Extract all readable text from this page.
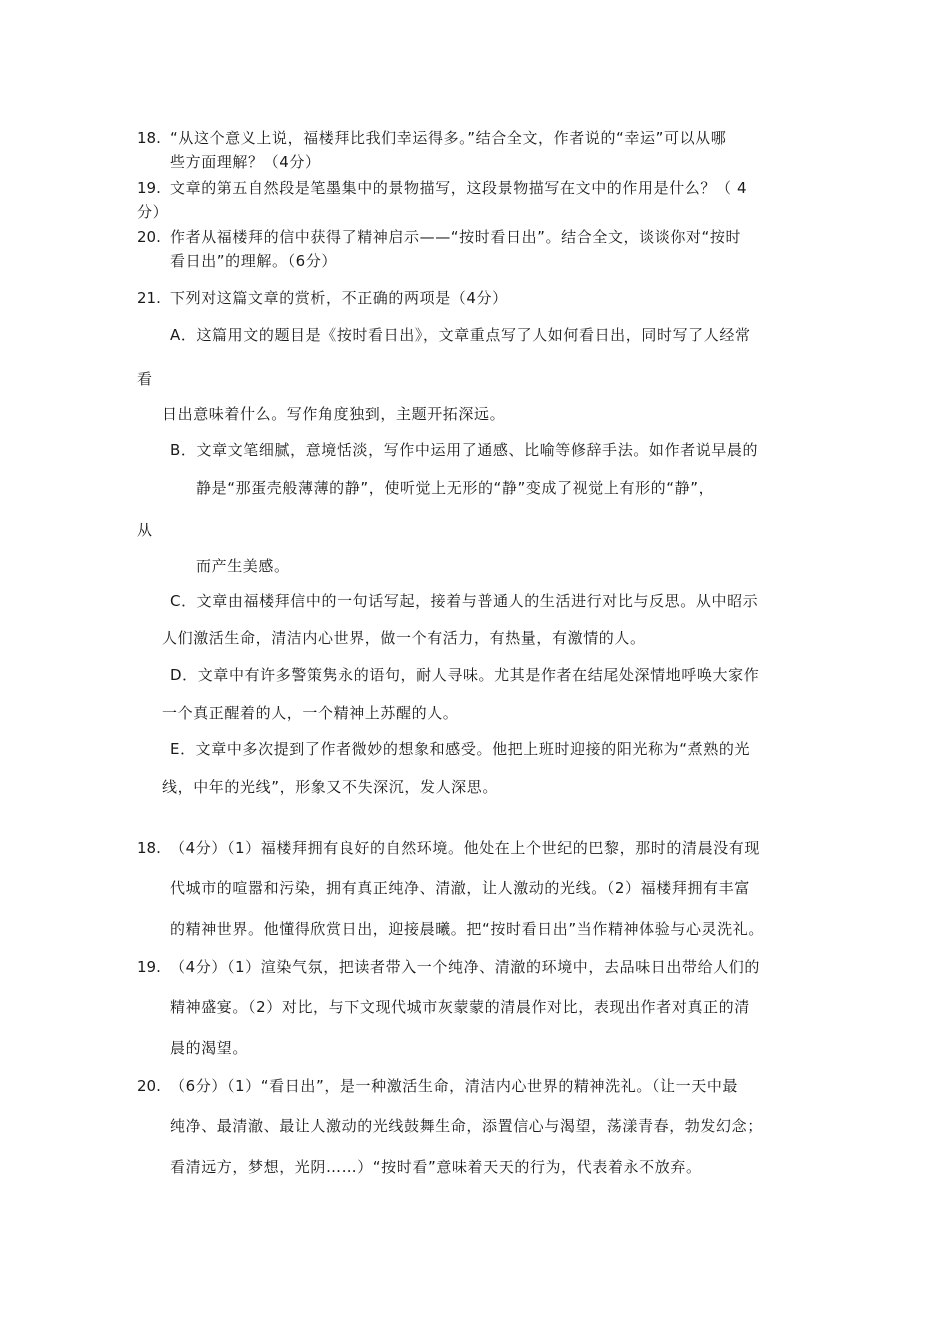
18. “从这个意义上说，福楼拜比我们幸运得多。”结合全文，作者说的“幸运”可以从哪
些方面理解？（4分）
19. 文章的第五自然段是笔墨集中的景物描写，这段景物描写在文中的作用是什么？（ 4
分）
20. 作者从福楼拜的信中获得了精神启示——“按时看日出”。结合全文，谈谈你对“按时
看日出”的理解。（6分）
21. 下列对这篇文章的赏析，不正确的两项是（4分）
A．这篇用文的题目是《按时看日出》，文章重点写了人如何看日出，同时写了人经常
看
日出意味着什么。写作角度独到，主题开拓深远。
B．文章文笔细腻，意境恬淡，写作中运用了通感、比喻等修辞手法。如作者说早晨的
静是“那蛋壳般薄薄的静”，使听觉上无形的“静”变成了视觉上有形的“静”，
从
而产生美感。
C．文章由福楼拜信中的一句话写起，接着与普通人的生活进行对比与反思。从中昭示
人们激活生命，清洁内心世界，做一个有活力，有热量，有激情的人。
D．文章中有许多警策隽永的语句，耐人寻味。尤其是作者在结尾处深情地呼唤大家作
一个真正醒着的人，一个精神上苏醒的人。
E．文章中多次提到了作者微妙的想象和感受。他把上班时迎接的阳光称为“煮熟的光
线，中年的光线”，形象又不失深沉，发人深思。
18. （4分）（1）福楼拜拥有良好的自然环境。他处在上个世纪的巴黎，那时的清晨没有现
代城市的喧嚣和污染，拥有真正纯净、清澈，让人激动的光线。（2）福楼拜拥有丰富
的精神世界。他懂得欣赏日出，迎接晨曦。把“按时看日出”当作精神体验与心灵洗礼。
19. （4分）（1）渲染气氛，把读者带入一个纯净、清澈的环境中，去品味日出带给人们的
精神盛宴。（2）对比，与下文现代城市灰蒙蒙的清晨作对比，表现出作者对真正的清
晨的渴望。
20. （6分）（1）“看日出”，是一种激活生命，清洁内心世界的精神洗礼。（让一天中最
纯净、最清澈、最让人激动的光线鼓舞生命，添置信心与渴望，荡漾青春，勃发幻念；
看清远方，梦想，光阴……）“按时看”意味着天天的行为，代表着永不放弃。
